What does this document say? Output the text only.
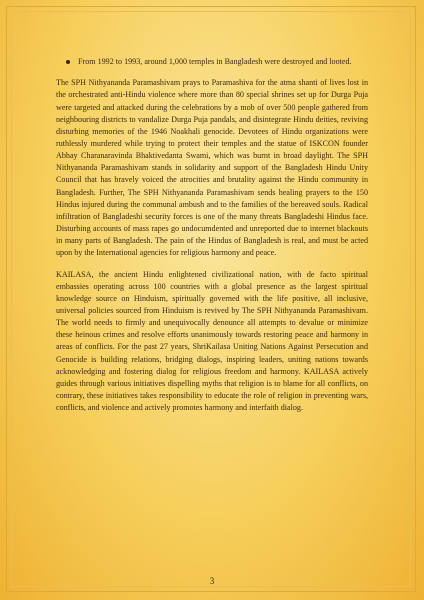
From 1992 to 1993, around 1,000 temples in Bangladesh were destroyed and looted.

The SPH Nithyananda Paramashivam prays to Paramashiva for the atma shanti of lives lost in the orchestrated anti-Hindu violence where more than 80 special shrines set up for Durga Puja were targeted and attacked during the celebrations by a mob of over 500 people gathered from neighbouring districts to vandalize Durga Puja pandals, and disintegrate Hindu deities, reviving disturbing memories of the 1946 Noakhali genocide. Devotees of Hindu organizations were ruthlessly murdered while trying to protect their temples and the statue of ISKCON founder Abhay Charanaravinda Bhaktivedanta Swami, which was burnt in broad daylight. The SPH Nithyananda Paramashivam stands in solidarity and support of the Bangladesh Hindu Unity Council that has bravely voiced the atrocities and brutality against the Hindu community in Bangladesh. Further, The SPH Nithyananda Paramashivam sends healing prayers to the 150 Hindus injured during the communal ambush and to the families of the bereaved souls. Radical infiltration of Bangladeshi security forces is one of the many threats Bangladeshi Hindus face. Disturbing accounts of mass rapes go undocumdented and unreported due to internet blackouts in many parts of Bangladesh. The pain of the Hindus of Bangladesh is real, and must be acted upon by the International agencies for religious harmony and peace.

KAILASA, the ancient Hindu enlightened civilizational nation, with de facto spiritual embassies operating across 100 countries with a global presence as the largest spiritual knowledge source on Hinduism, spiritually governed with the life positive, all inclusive, universal policies sourced from Hinduism is revived by The SPH Nithyananda Paramashivam. The world needs to firmly and unequivocally denounce all attempts to devalue or minimize these heinous crimes and resolve efforts unanimously towards restoring peace and harmony in areas of conflicts. For the past 27 years, ShriKailasa Uniting Nations Against Persecution and Genocide is building relations, bridging dialogs, inspiring leaders, uniting nations towards acknowledging and fostering dialog for religious freedom and harmony. KAILASA actively guides through various initiatives dispelling myths that religion is to blame for all conflicts, on contrary, these initiatives takes responsibility to educate the role of religion in preventing wars, conflicts, and violence and actively promotes harmony and interfaith dialog.

3
